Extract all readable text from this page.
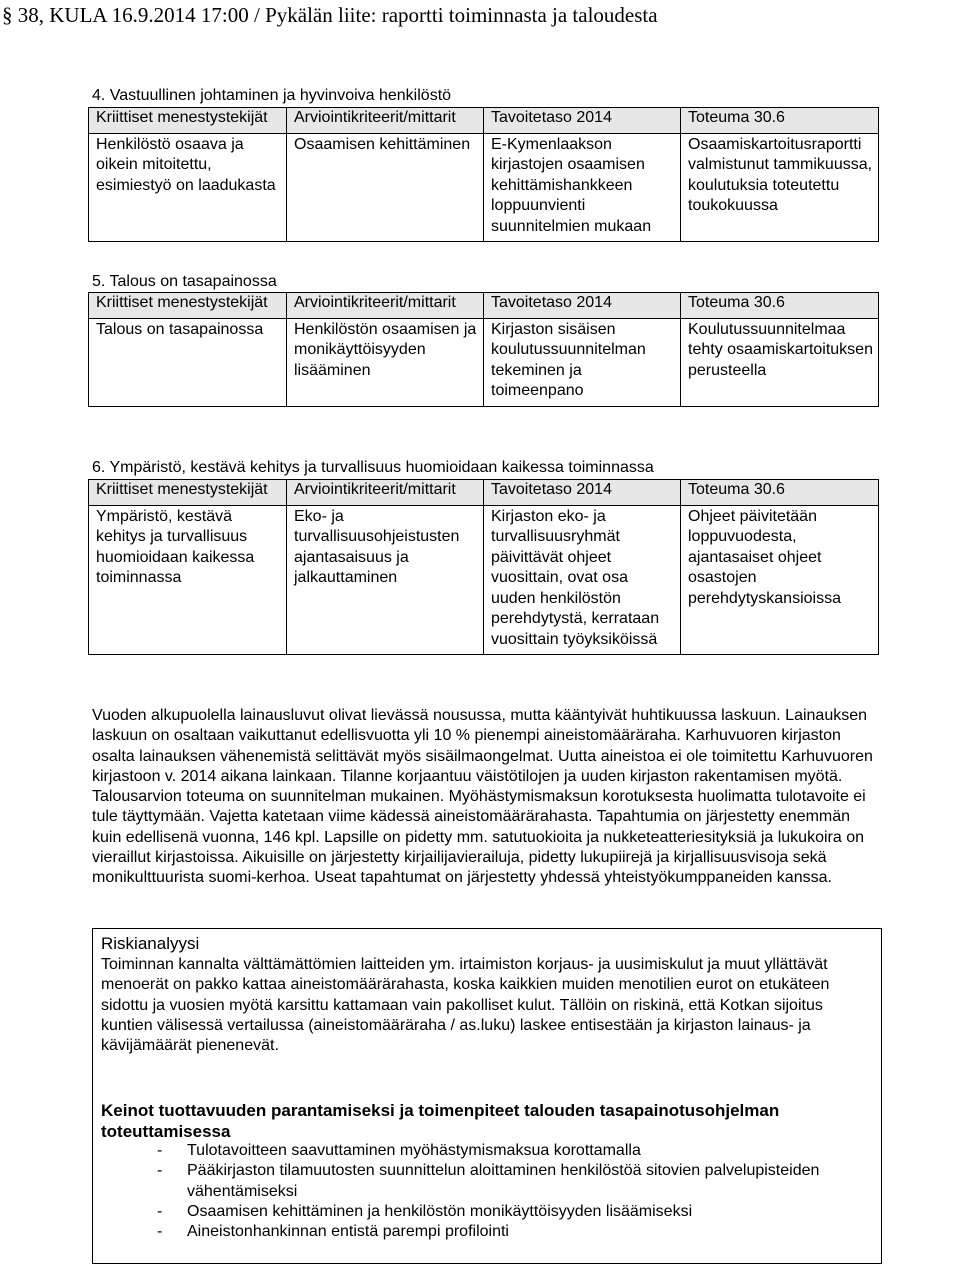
§ 38, KULA 16.9.2014 17:00 / Pykälän liite: raportti toiminnasta ja taloudesta
4. Vastuullinen johtaminen ja hyvinvoiva henkilöstö
Kriittiset menestystekijät	Arviointikriteerit/mittarit	Tavoitetaso 2014	Toteuma 30.6
Henkilöstö osaava ja oikein mitoitettu, esimiestyö on laadukasta	Osaamisen kehittäminen	E-Kymenlaakson kirjastojen osaamisen kehittämishankkeen loppuunvienti suunnitelmien mukaan	Osaamiskartoitusraportti valmistunut tammikuussa, koulutuksia toteutettu toukokuussa
5. Talous on tasapainossa
Kriittiset menestystekijät	Arviointikriteerit/mittarit	Tavoitetaso 2014	Toteuma 30.6
Talous on tasapainossa	Henkilöstön osaamisen ja monikäyttöisyyden lisääminen	Kirjaston sisäisen koulutussuunnitelman tekeminen ja toimeenpano	Koulutussuunnitelmaa tehty osaamiskartoituksen perusteella
6. Ympäristö, kestävä kehitys ja turvallisuus huomioidaan kaikessa toiminnassa
Kriittiset menestystekijät	Arviointikriteerit/mittarit	Tavoitetaso 2014	Toteuma 30.6
Ympäristö, kestävä kehitys ja turvallisuus huomioidaan kaikessa toiminnassa	Eko- ja turvallisuusohjeistusten ajantasaisuus ja jalkauttaminen	Kirjaston eko- ja turvallisuusryhmät päivittävät ohjeet vuosittain, ovat osa uuden henkilöstön perehdytystä, kerrataan vuosittain työyksiköissä	Ohjeet päivitetään loppuvuodesta, ajantasaiset ohjeet osastojen perehdytyskansioissa

Vuoden alkupuolella lainausluvut olivat lievässä nousussa, mutta kääntyivät huhtikuussa laskuun. Lainauksen laskuun on osaltaan vaikuttanut edellisvuotta yli 10 % pienempi aineistomääräraha. Karhuvuoren kirjaston osalta lainauksen vähenemistä selittävät myös sisäilmaongelmat. Uutta aineistoa ei ole toimitettu Karhuvuoren kirjastoon v. 2014 aikana lainkaan. Tilanne korjaantuu väistötilojen ja uuden kirjaston rakentamisen myötä. Talousarvion toteuma on suunnitelman mukainen. Myöhästymismaksun korotuksesta huolimatta tulotavoite ei tule täyttymään. Vajetta katetaan viime kädessä aineistomäärärahasta. Tapahtumia on järjestetty enemmän kuin edellisenä vuonna, 146 kpl. Lapsille on pidetty mm. satutuokioita ja nukketeatteriesityksiä ja lukukoira on vieraillut kirjastoissa. Aikuisille on järjestetty kirjailijavierailuja, pidetty lukupiirejä ja kirjallisuusvisoja sekä monikulttuurista suomi-kerhoa. Useat tapahtumat on järjestetty yhdessä yhteistyökumppaneiden kanssa.

Riskianalyysi

Toiminnan kannalta välttämättömien laitteiden ym. irtaimiston korjaus- ja uusimiskulut ja muut yllättävät menoerät on pakko kattaa aineistomäärärahasta, koska kaikkien muiden menotilien eurot on etukäteen sidottu ja vuosien myötä karsittu kattamaan vain pakolliset kulut. Tällöin on riskinä, että Kotkan sijoitus kuntien välisessä vertailussa (aineistomääräraha / as.luku) laskee entisestään ja kirjaston lainaus- ja kävijämäärät pienenevät.

Keinot tuottavuuden parantamiseksi ja toimenpiteet talouden tasapainotusohjelman toteuttamisessa
- Tulotavoitteen saavuttaminen myöhästymismaksua korottamalla
- Pääkirjaston tilamuutosten suunnittelun aloittaminen henkilöstöä sitovien palvelupisteiden vähentämiseksi
- Osaamisen kehittäminen ja henkilöstön monikäyttöisyyden lisäämiseksi
- Aineistonhankinnan entistä parempi profilointi
